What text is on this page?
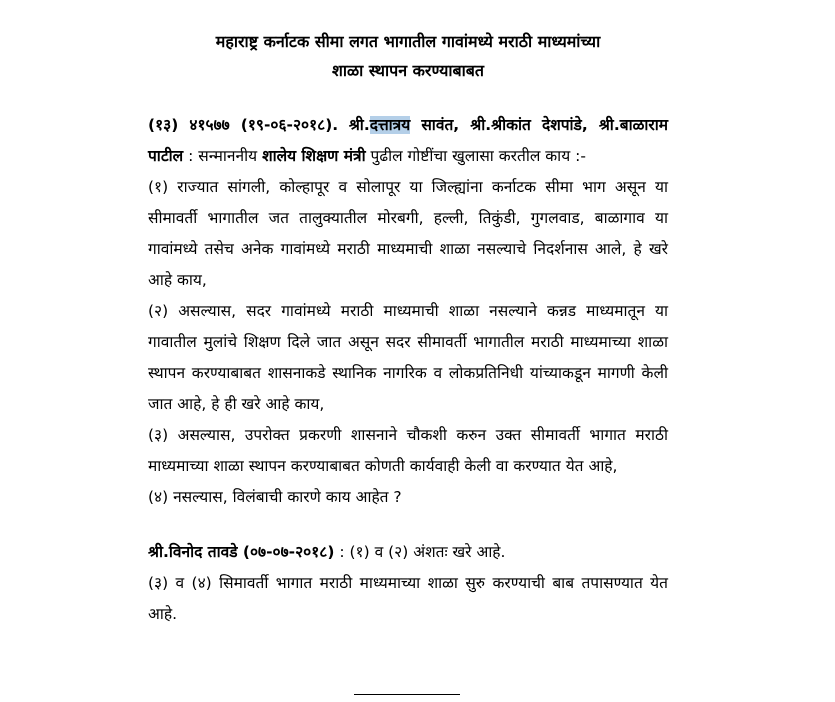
महाराष्ट्र कर्नाटक सीमा लगत भागातील गावांमध्ये मराठी माध्यमांच्या
शाळा स्थापन करण्याबाबत
(१३) ४१५७७ (१९-०६-२०१८). श्री.दत्तात्रय सावंत, श्री.श्रीकांत देशपांडे, श्री.बाळाराम पाटील : सन्माननीय शालेय शिक्षण मंत्री पुढील गोष्टींचा खुलासा करतील काय :-
(१) राज्यात सांगली, कोल्हापूर व सोलापूर या जिल्ह्यांना कर्नाटक सीमा भाग असून या सीमावर्ती भागातील जत तालुक्यातील मोरबगी, हल्ली, तिकुंडी, गुगलवाड, बाळागाव या गावांमध्ये तसेच अनेक गावांमध्ये मराठी माध्यमाची शाळा नसल्याचे निदर्शनास आले, हे खरे आहे काय,
(२) असल्यास, सदर गावांमध्ये मराठी माध्यमाची शाळा नसल्याने कन्नड माध्यमातून या गावातील मुलांचे शिक्षण दिले जात असून सदर सीमावर्ती भागातील मराठी माध्यमाच्या शाळा स्थापन करण्याबाबत शासनाकडे स्थानिक नागरिक व लोकप्रतिनिधी यांच्याकडून मागणी केली जात आहे, हे ही खरे आहे काय,
(३) असल्यास, उपरोक्त प्रकरणी शासनाने चौकशी करुन उक्त सीमावर्ती भागात मराठी माध्यमाच्या शाळा स्थापन करण्याबाबत कोणती कार्यवाही केली वा करण्यात येत आहे,
(४) नसल्यास, विलंबाची कारणे काय आहेत ?
श्री.विनोद तावडे (०७-०७-२०१८) : (१) व (२) अंशतः खरे आहे.
(३) व (४) सिमावर्ती भागात मराठी माध्यमाच्या शाळा सुरु करण्याची बाब तपासण्यात येत आहे.
